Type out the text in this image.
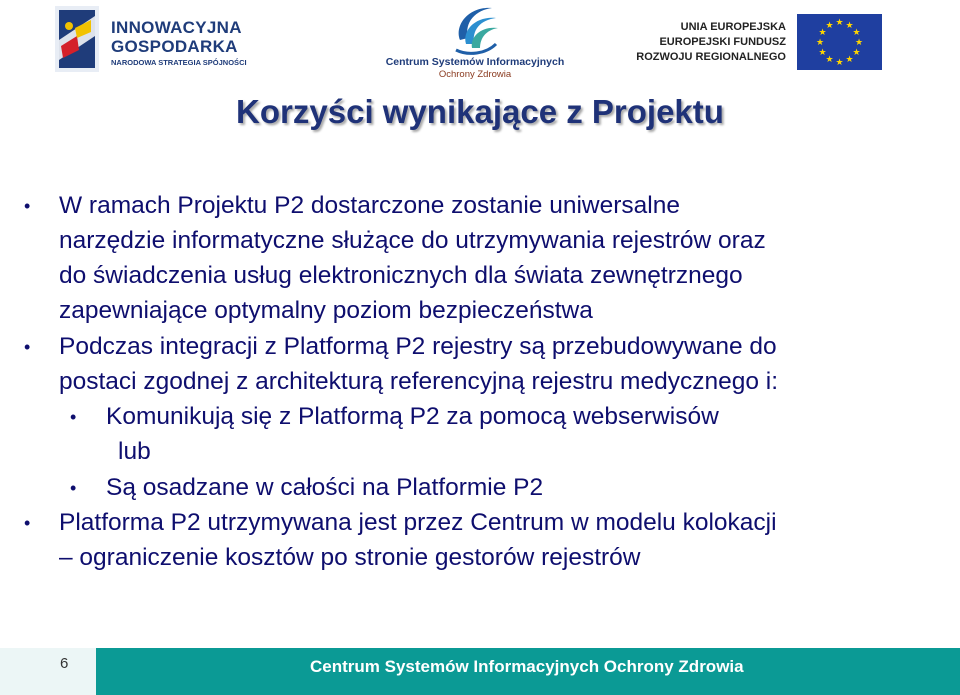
INNOWACYJNA
GOSPODARKA
NARODOWA STRATEGIA SPÓJNOŚCI	Centrum Systemów Informacyjnych
Ochrony Zdrowia
UNIA EUROPEJSKA
EUROPEJSKI FUNDUSZ
ROZWOJU REGIONALNEGO
★ ★
★
★
★
★
★
★
★
★
★
★
Korzyści wynikające z Projektu
• W ramach Projektu P2 dostarczone zostanie uniwersalne
narzędzie informatyczne służące do utrzymywania rejestrów oraz
do świadczenia usług elektronicznych dla świata zewnętrznego
zapewniające optymalny poziom bezpieczeństwa
• Podczas integracji z Platformą P2 rejestry są przebudowywane do
postaci zgodnej z architekturą referencyjną rejestru medycznego i:
• Komunikują się z Platformą P2 za pomocą webserwisów
lub
• Są osadzane w całości na Platformie P2
• Platforma P2 utrzymywana jest przez Centrum w modelu kolokacji
– ograniczenie kosztów po stronie gestorów rejestrów
6	Centrum Systemów Informacyjnych Ochrony Zdrowia
